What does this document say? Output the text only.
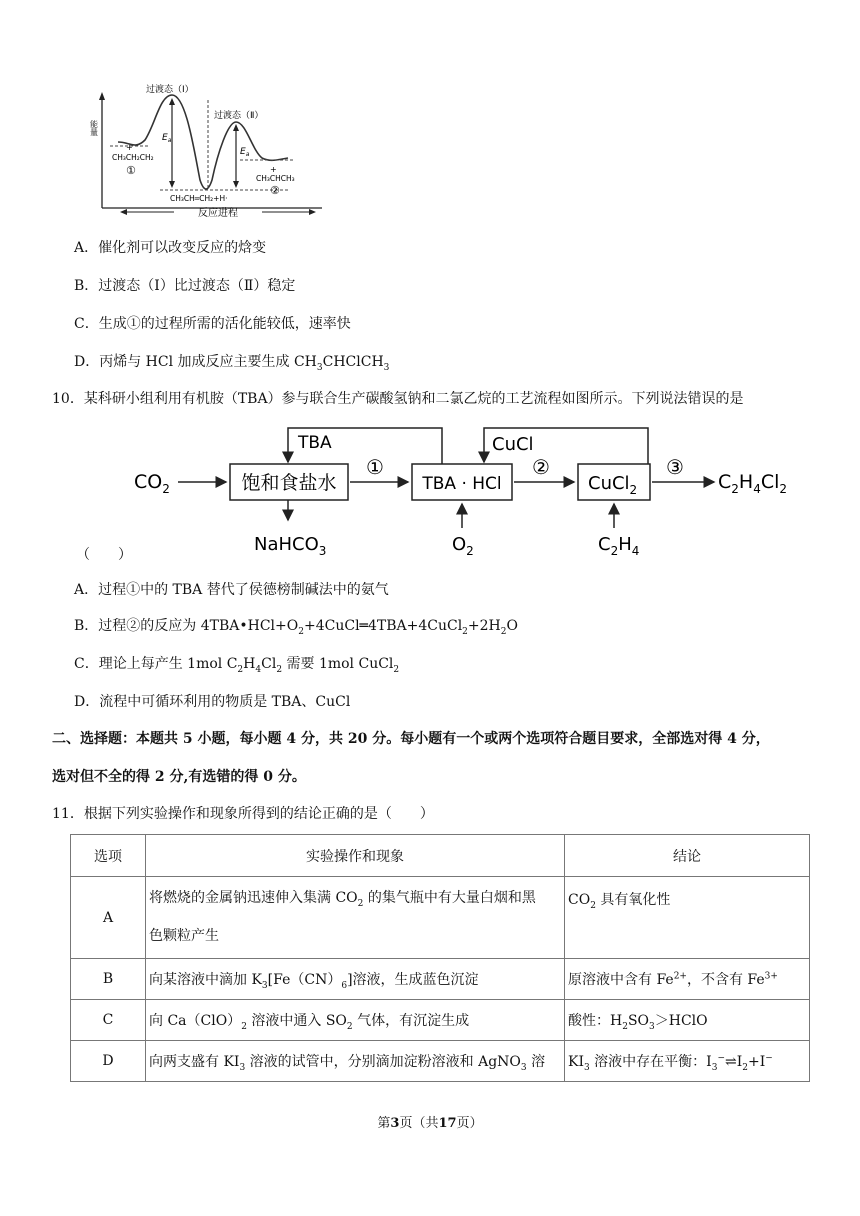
过渡态（Ⅰ）
过渡态（Ⅱ）
$E_a$
$E_a$
能量
+
CH₃CH₂CH₂
①	+
CH₃CHCH₃
②
CH₃CH═CH₂+H·
反应进程
A．催化剂可以改变反应的焓变
B．过渡态（Ⅰ）比过渡态（Ⅱ）稳定
C．生成①的过程所需的活化能较低，速率快
D．丙烯与 HCl 加成反应主要生成 $CH_3CHClCH_3$
10．某科研小组利用有机胺（TBA）参与联合生产碳酸氢钠和二氯乙烷的工艺流程如图所示。下列说法错误的是
$CO_2$	饱和食盐水
TBA
①
NaHCO$_3$
TBA · HCl
$O_2$
CuCl
②
CuCl$_2$
$C_2H_4$
③
$C_2H_4Cl_2$
（　　）
A．过程①中的 TBA 替代了侯德榜制碱法中的氨气
B．过程②的反应为 $4TBA•HCl+O_2+4CuCl═4TBA+4CuCl_2+2H_2O$
C．理论上每产生 1mol $C_2H_4Cl_2$ 需要 1mol CuCl$_2$
D．流程中可循环利用的物质是 TBA、CuCl
二、选择题：本题共 5 小题，每小题 4 分，共 20 分。每小题有一个或两个选项符合题目要求，全部选对得 4 分，
选对但不全的得 2 分,有选错的得 0 分。
11．根据下列实验操作和现象所得到的结论正确的是（　　）
选项	实验操作和现象	结论
A	将燃烧的金属钠迅速伸入集满 $CO_2$ 的集气瓶中有大量白烟和黑
色颗粒产生	$CO_2$ 具有氧化性
B	向某溶液中滴加 $K_3[Fe(CN)_6]$溶液，生成蓝色沉淀	原溶液中含有 $Fe^{2+}$，不含有 $Fe^{3+}$
C	向 $Ca(ClO)_2$ 溶液中通入 $SO_2$ 气体，有沉淀生成	酸性：$H_2SO_3>HClO$
D	向两支盛有 $KI_3$ 溶液的试管中，分别滴加淀粉溶液和 AgNO$_3$ 溶	$KI_3$ 溶液中存在平衡：$I_3^-\rightleftharpoons I_2+I^-$
第3页（共17页）
